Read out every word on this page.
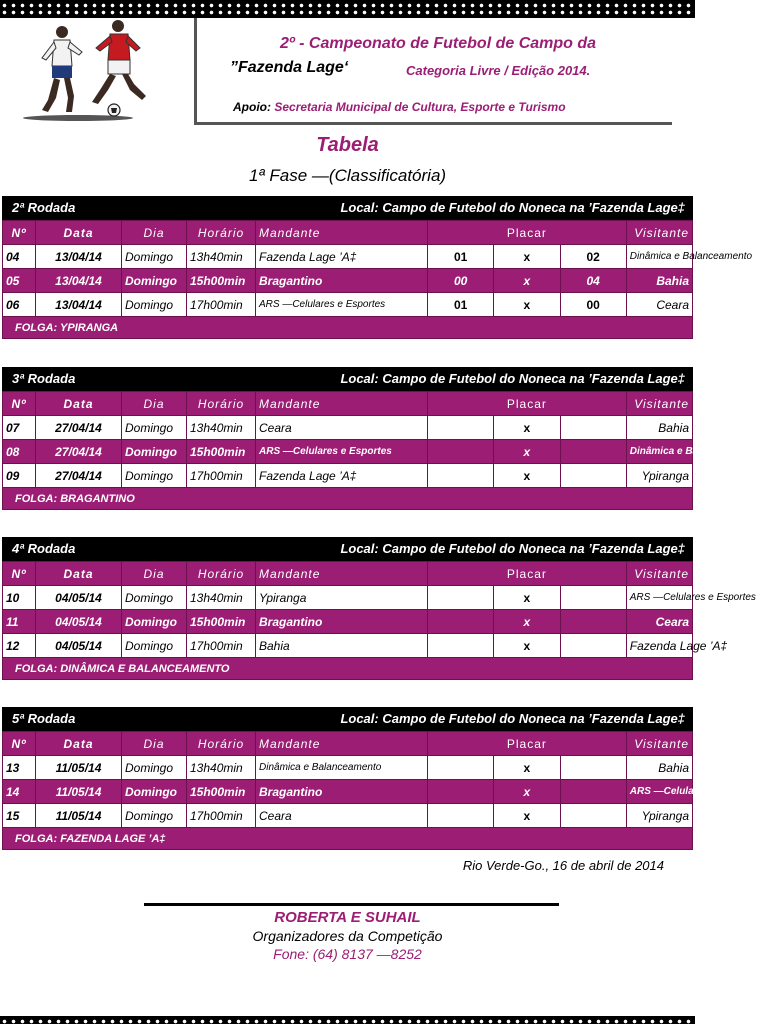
2º - Campeonato de Futebol de Campo da
”Fazenda Lage‘	Categoria Livre / Edição 2014.
Apoio: Secretaria Municipal de Cultura, Esporte e Turismo
Tabela
1ª Fase —(Classificatória)
2ª Rodada	Local: Campo de Futebol do Noneca na ’Fazenda Lage‡
Nº	Data	Dia	Horário	Mandante	Placar			Visitante
04	13/04/14	Domingo	13h40min	Fazenda Lage ’A‡	01	x	02	Dinâmica e Balanceamento
05	13/04/14	Domingo	15h00min	Bragantino	00	x	04	Bahia
06	13/04/14	Domingo	17h00min	ARS —Celulares e Esportes	01	x	00	Ceara
FOLGA: YPIRANGA
3ª Rodada	Local: Campo de Futebol do Noneca na ’Fazenda Lage‡
Nº	Data	Dia	Horário	Mandante	Placar			Visitante
07	27/04/14	Domingo	13h40min	Ceara		x		Bahia
08	27/04/14	Domingo	15h00min	ARS —Celulares e Esportes		x		Dinâmica e Balanceamento
09	27/04/14	Domingo	17h00min	Fazenda Lage ’A‡		x		Ypiranga
FOLGA: BRAGANTINO
4ª Rodada	Local: Campo de Futebol do Noneca na ’Fazenda Lage‡
Nº	Data	Dia	Horário	Mandante	Placar			Visitante
10	04/05/14	Domingo	13h40min	Ypiranga		x		ARS —Celulares e Esportes
11	04/05/14	Domingo	15h00min	Bragantino		x		Ceara
12	04/05/14	Domingo	17h00min	Bahia		x		Fazenda Lage ’A‡
FOLGA: DINÂMICA E BALANCEAMENTO
5ª Rodada	Local: Campo de Futebol do Noneca na ’Fazenda Lage‡
Nº	Data	Dia	Horário	Mandante	Placar			Visitante
13	11/05/14	Domingo	13h40min	Dinâmica e Balanceamento		x		Bahia
14	11/05/14	Domingo	15h00min	Bragantino		x		ARS —Celulares e Esportes
15	11/05/14	Domingo	17h00min	Ceara		x		Ypiranga
FOLGA: FAZENDA LAGE ’A‡
Rio Verde-Go., 16 de abril de 2014
ROBERTA E SUHAIL
Organizadores da Competição
Fone: (64) 8137 —8252
